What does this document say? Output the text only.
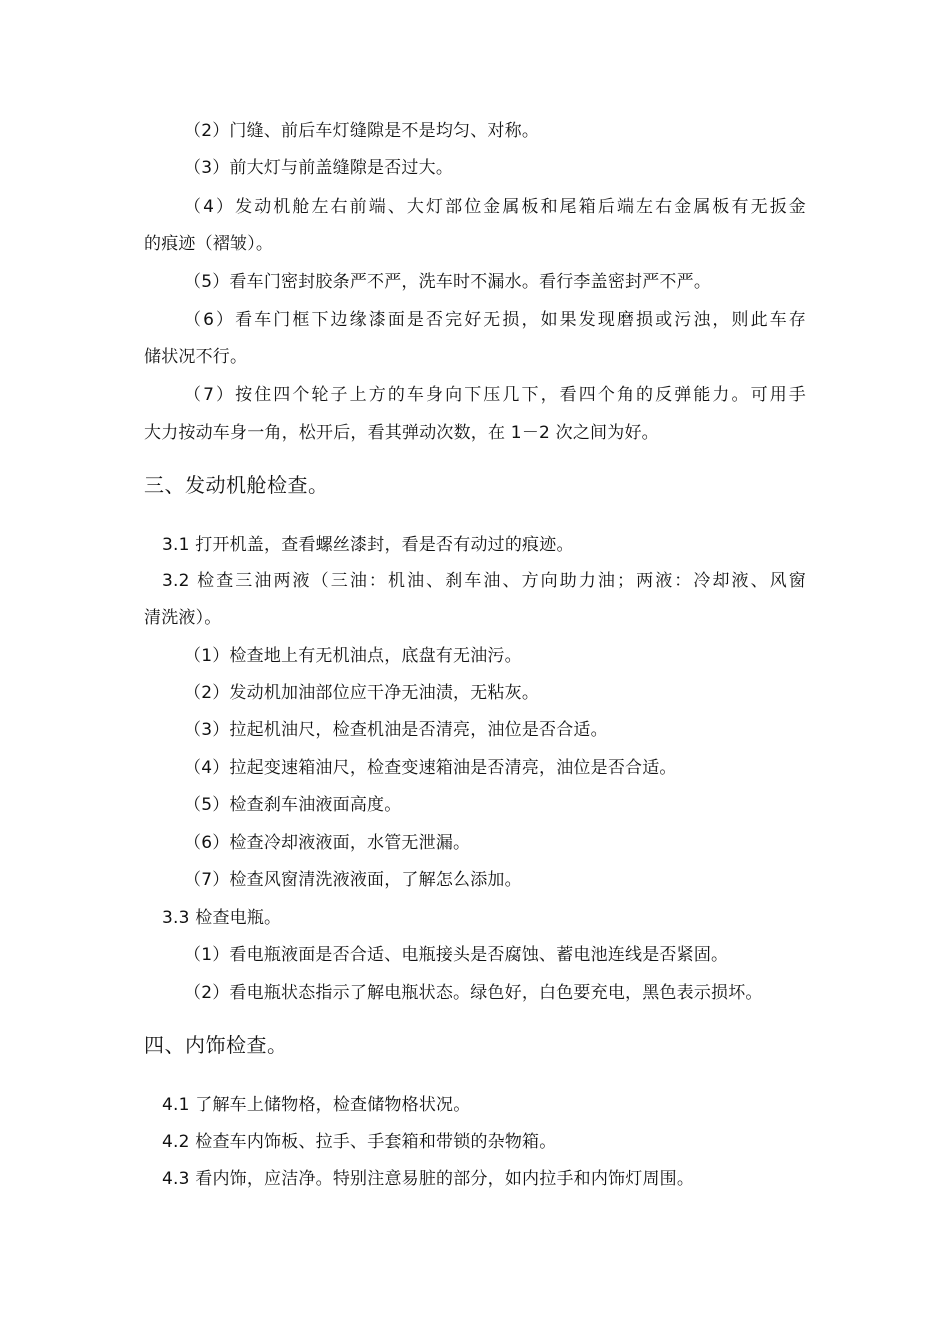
（2）门缝、前后车灯缝隙是不是均匀、对称。
（3）前大灯与前盖缝隙是否过大。
（4）发动机舱左右前端、大灯部位金属板和尾箱后端左右金属板有无扳金
的痕迹（褶皱）。
（5）看车门密封胶条严不严，洗车时不漏水。看行李盖密封严不严。
（6）看车门框下边缘漆面是否完好无损，如果发现磨损或污浊，则此车存
储状况不行。
（7）按住四个轮子上方的车身向下压几下，看四个角的反弹能力。可用手
大力按动车身一角，松开后，看其弹动次数，在 1－2 次之间为好。
三、发动机舱检查。
3.1 打开机盖，查看螺丝漆封，看是否有动过的痕迹。
3.2 检查三油两液（三油：机油、刹车油、方向助力油；两液：冷却液、风窗
清洗液）。
（1）检查地上有无机油点，底盘有无油污。
（2）发动机加油部位应干净无油渍，无粘灰。
（3）拉起机油尺，检查机油是否清亮，油位是否合适。
（4）拉起变速箱油尺，检查变速箱油是否清亮，油位是否合适。
（5）检查刹车油液面高度。
（6）检查冷却液液面，水管无泄漏。
（7）检查风窗清洗液液面，了解怎么添加。
3.3 检查电瓶。
（1）看电瓶液面是否合适、电瓶接头是否腐蚀、蓄电池连线是否紧固。
（2）看电瓶状态指示了解电瓶状态。绿色好，白色要充电，黑色表示损坏。
四、内饰检查。
4.1 了解车上储物格，检查储物格状况。
4.2 检查车内饰板、拉手、手套箱和带锁的杂物箱。
4.3 看内饰，应洁净。特别注意易脏的部分，如内拉手和内饰灯周围。
